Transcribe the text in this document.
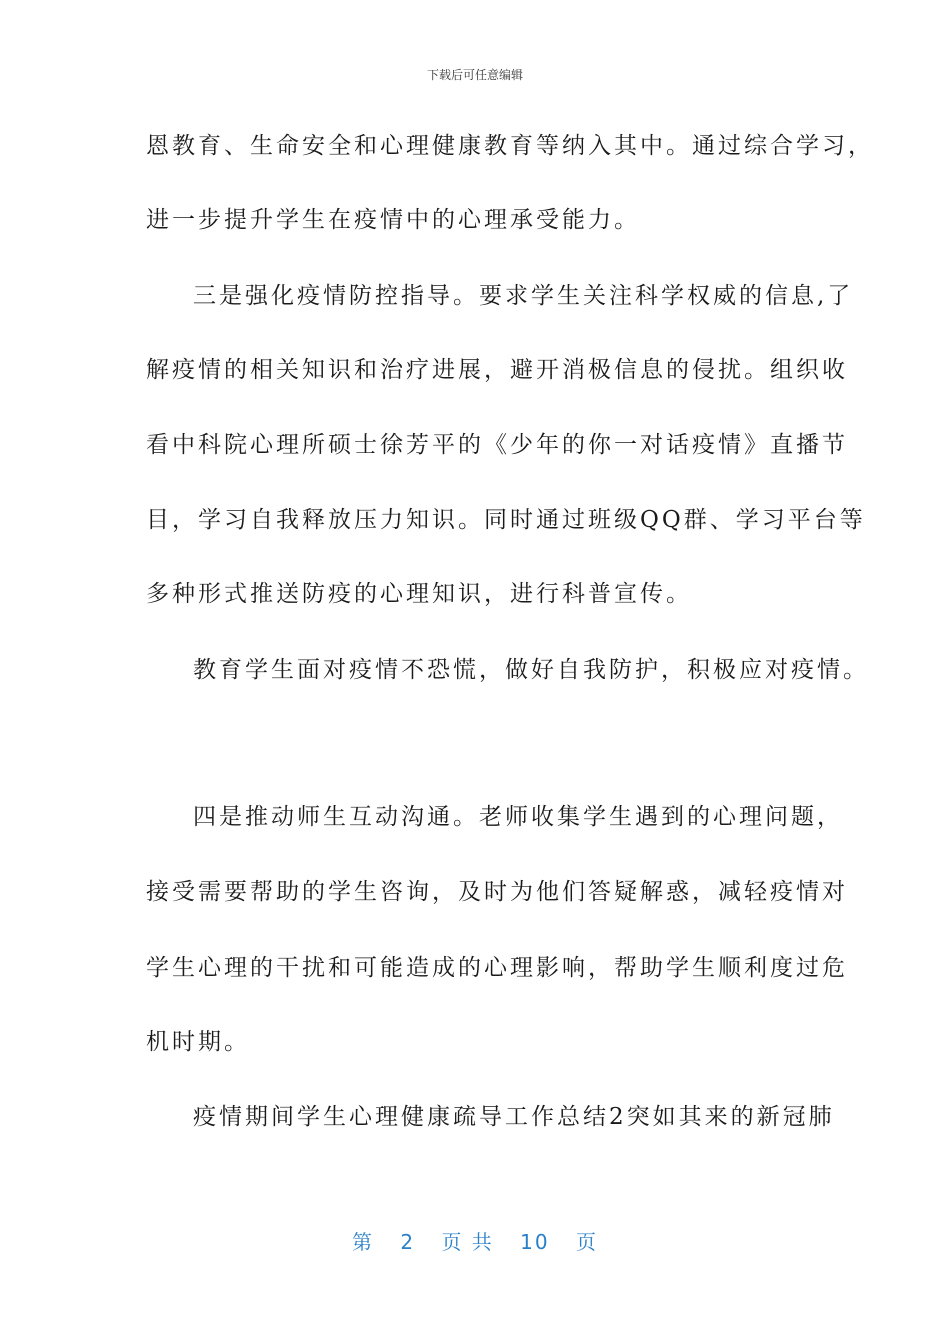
下载后可任意编辑
恩教育、生命安全和心理健康教育等纳入其中。通过综合学习，
进一步提升学生在疫情中的心理承受能力。
三是强化疫情防控指导。要求学生关注科学权威的信息,了
解疫情的相关知识和治疗进展，避开消极信息的侵扰。组织收
看中科院心理所硕士徐芳平的《少年的你一对话疫情》直播节
目，学习自我释放压力知识。同时通过班级QQ群、学习平台等
多种形式推送防疫的心理知识，进行科普宣传。
教育学生面对疫情不恐慌，做好自我防护，积极应对疫情。
四是推动师生互动沟通。老师收集学生遇到的心理问题，
接受需要帮助的学生咨询，及时为他们答疑解惑，减轻疫情对
学生心理的干扰和可能造成的心理影响，帮助学生顺利度过危
机时期。
疫情期间学生心理健康疏导工作总结2突如其来的新冠肺
第 2 页 共 10 页
